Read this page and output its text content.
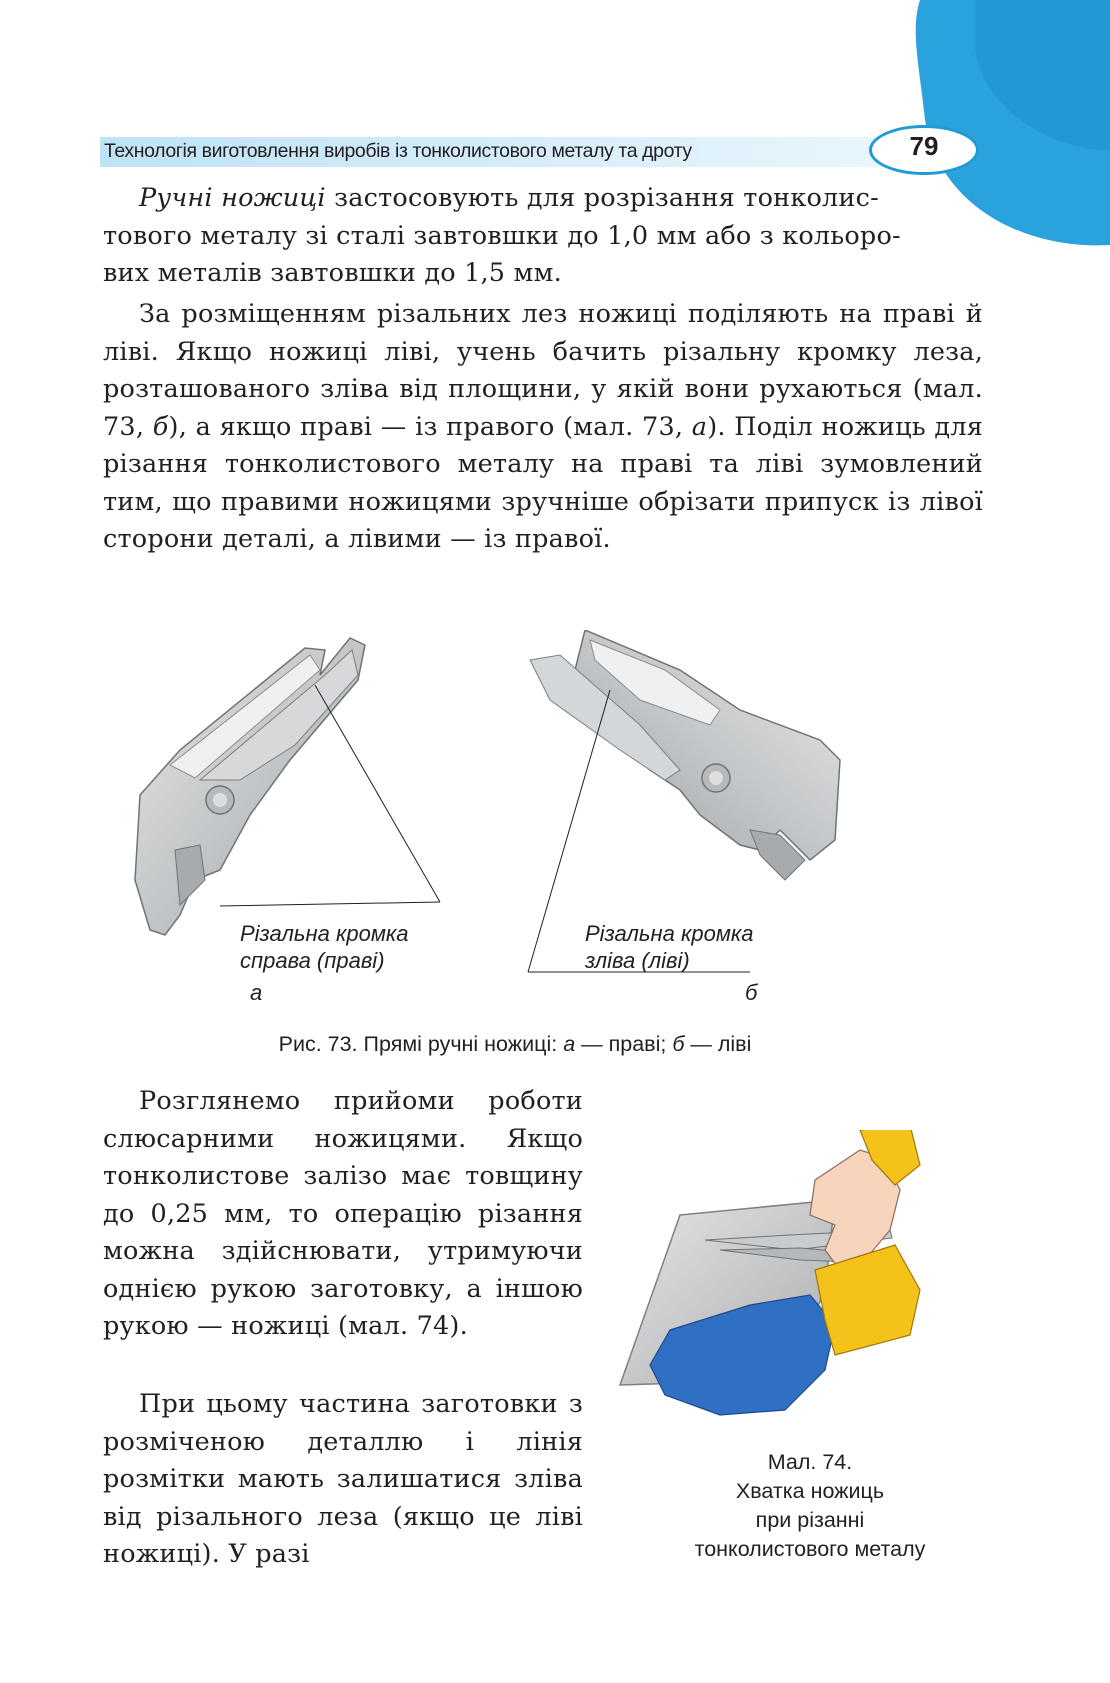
Технологія виготовлення виробів із тонколистового металу та дроту	79

Ручні ножиці застосовують для розрізання тонколис-
тового металу зі сталі завтовшки до 1,0 мм або з кольоро-
вих металів завтовшки до 1,5 мм.

За розміщенням різальних лез ножиці поділяють на праві й ліві. Якщо ножиці ліві, учень бачить різальну кромку леза, розташованого зліва від площини, у якій вони рухаються (мал. 73, б), а якщо праві — із правого (мал. 73, а). Поділ ножиць для різання тонколистового металу на праві та ліві зумовлений тим, що правими ножицями зручніше обрізати припуск із лівої сторони деталі, а лівими — із правої.

Різальна кромка
справа (праві)
а
Різальна кромка
зліва (ліві)
б
Рис. 73. Прямі ручні ножиці: а — праві; б — ліві

Розглянемо прийоми роботи слюсарними ножицями. Якщо тонколистове залізо має товщину до 0,25 мм, то операцію різання можна здійснювати, утримуючи однією рукою заготовку, а іншою рукою — ножиці (мал. 74).

При цьому частина заготовки з розміченою деталлю і лінія розмітки мають залишатися зліва від різального леза (якщо це ліві ножиці). У разі

Мал. 74.
Хватка ножиць
при різанні
тонколистового металу
